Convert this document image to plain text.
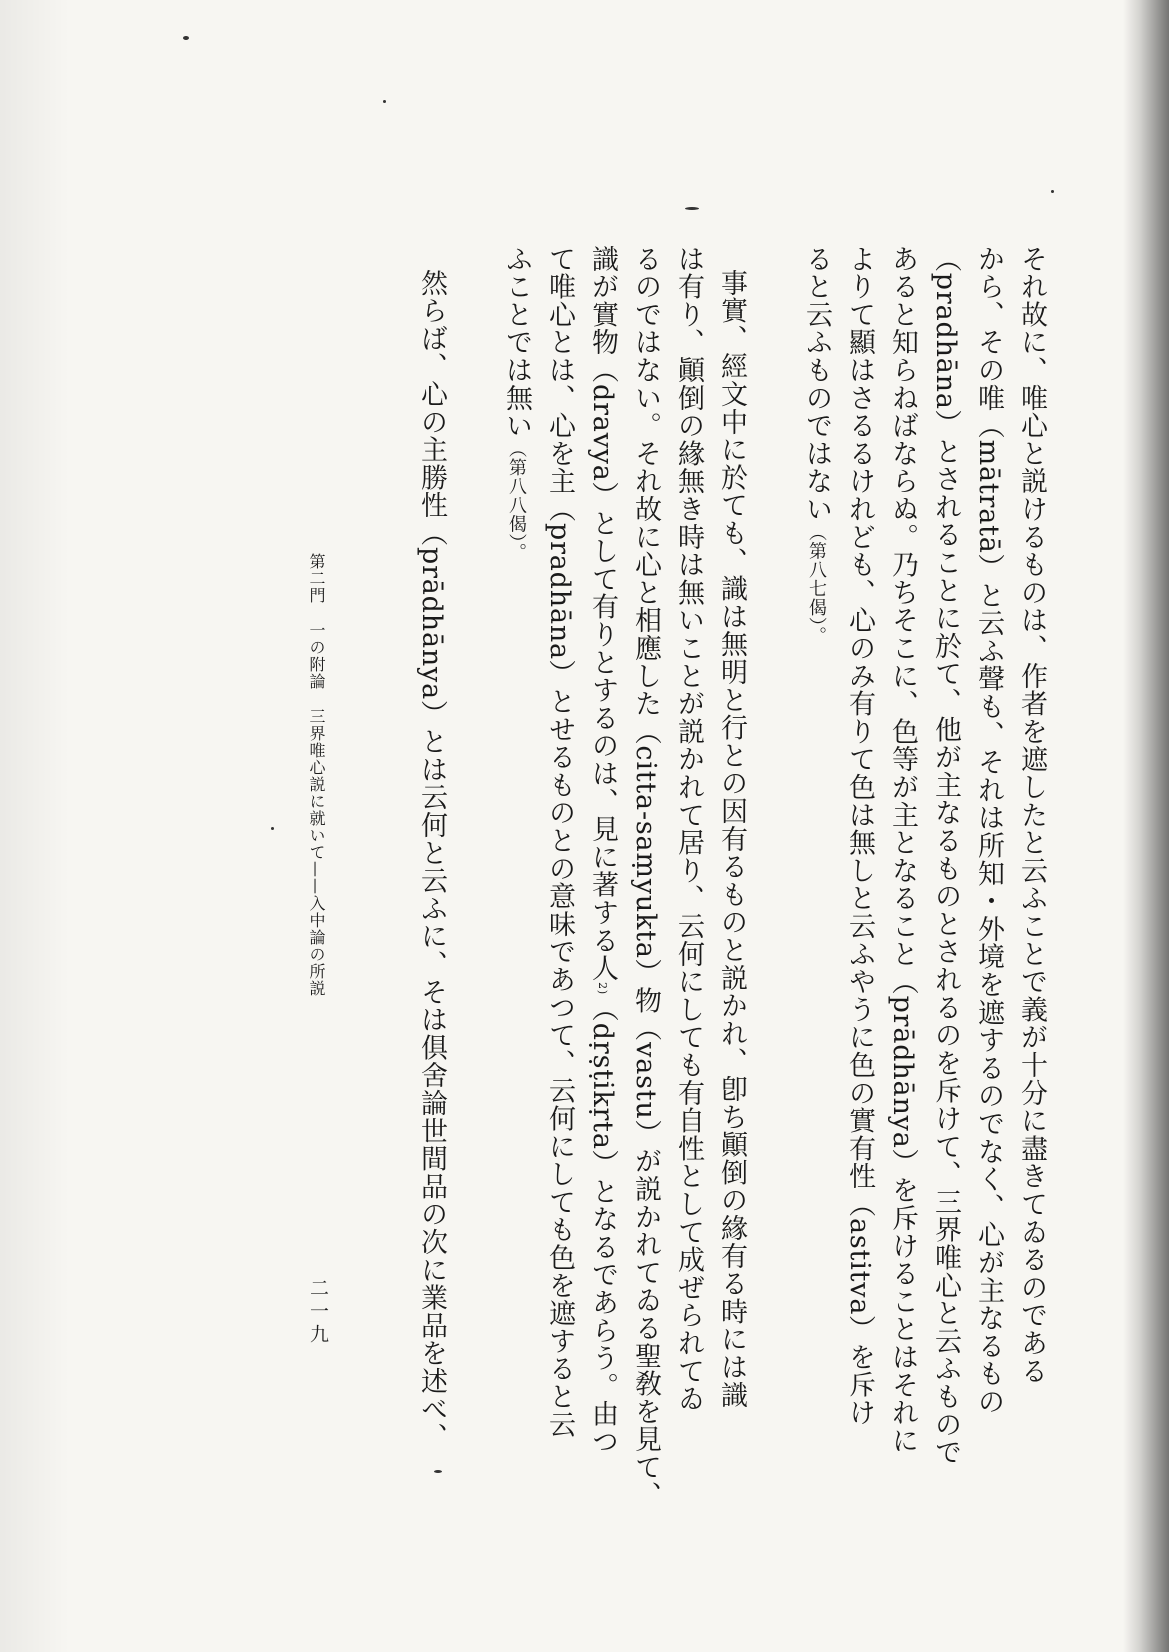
それ故に、唯心と説けるものは、作者を遮したと云ふことで義が十分に盡きてゐるのである
から、その唯（mātratā）と云ふ聲も、それは所知・外境を遮するのでなく、心が主なるもの
（pradhāna）とされることに於て、他が主なるものとされるのを斥けて、三界唯心と云ふもので
あると知らねばならぬ。乃ちそこに、色等が主となること（prādhānya）を斥けることはそれに
よりて顯はさるるけれども、心のみ有りて色は無しと云ふやうに色の實有性（astitva）を斥け
ると云ふものではない（第八七偈）。
事實、經文中に於ても、識は無明と行との因有るものと説かれ、卽ち顚倒の緣有る時には識
は有り、顚倒の緣無き時は無いことが説かれて居り、云何にしても有自性として成ぜられてゐ
るのではない。それ故に心と相應した（citta-saṃyukta）物（vastu）が説かれてゐる聖敎を見て、
識が實物（dravya）として有りとするのは、見に著する人2)（dṛṣṭikṛta）となるであらう。由つ
て唯心とは、心を主（pradhāna）とせるものとの意味であつて、云何にしても色を遮すると云
ふことでは無い（第八八偈）。
然らば、心の主勝性（prādhānya）とは云何と云ふに、そは俱舍論世間品の次に業品を述べ、
第二門一の附論三界唯心説に就いて——入中論の所説
二一九
